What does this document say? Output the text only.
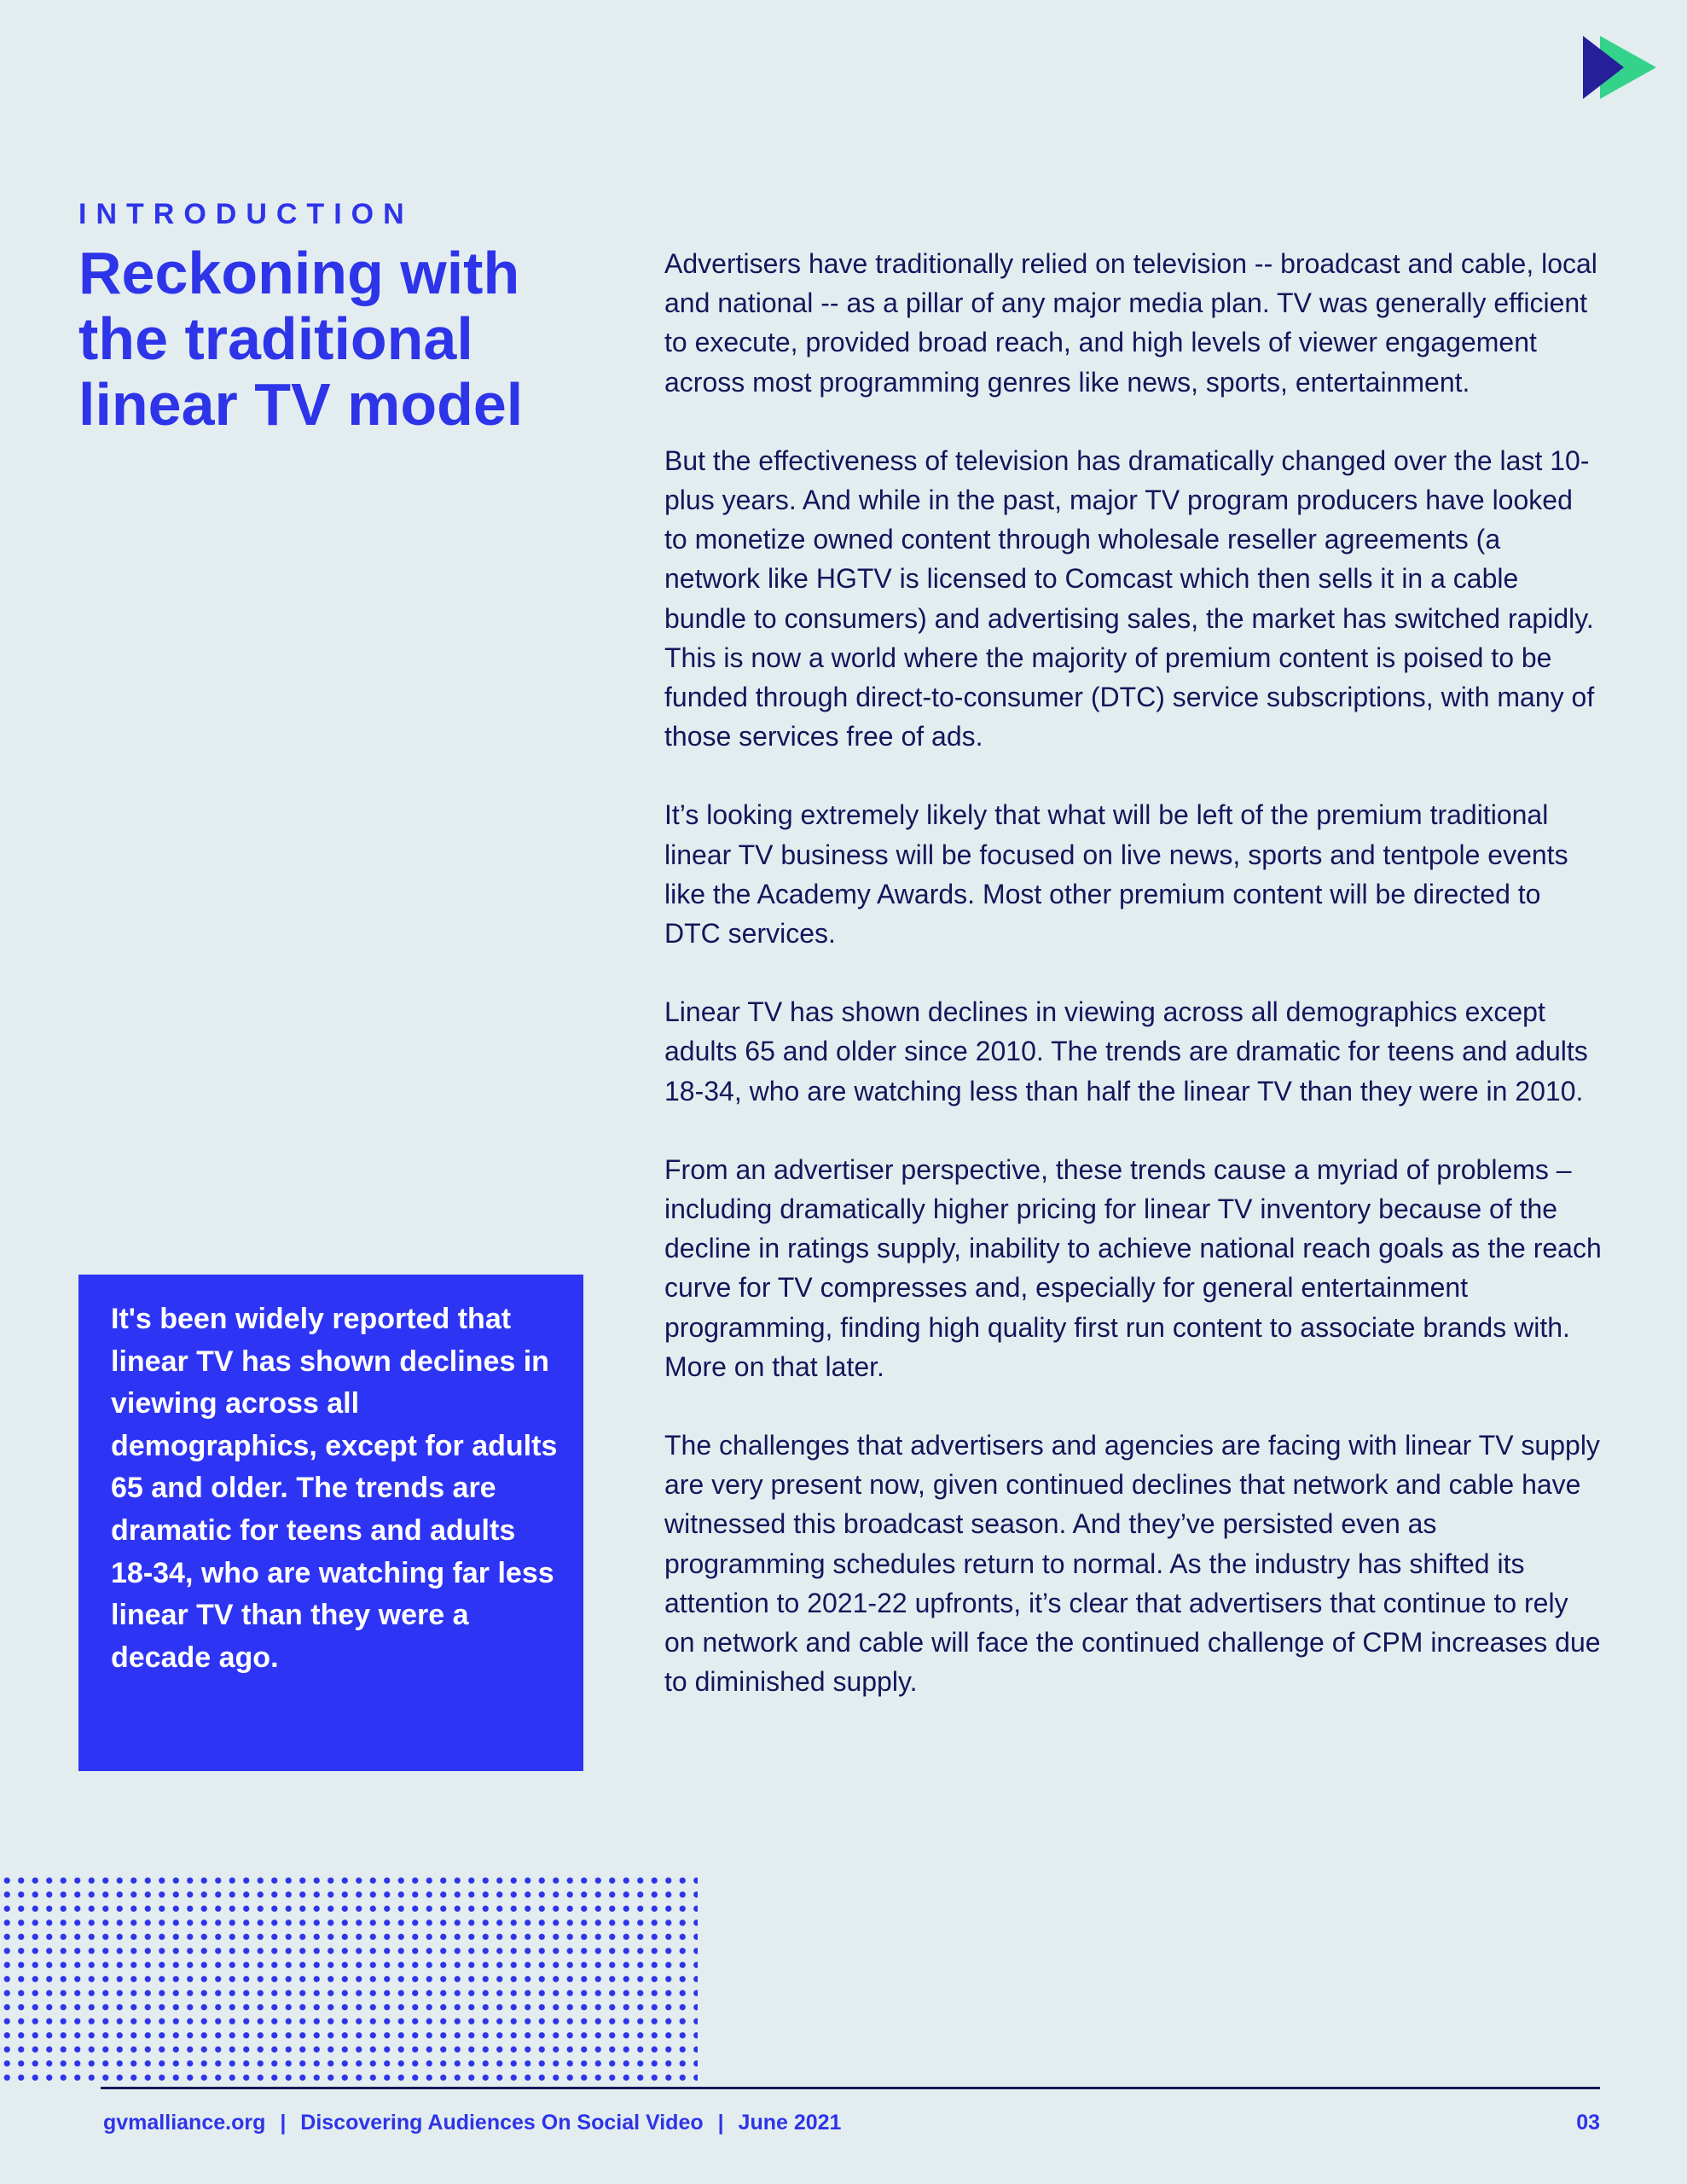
INTRODUCTION
Reckoning with the traditional linear TV model

Advertisers have traditionally relied on television -- broadcast and cable, local and national -- as a pillar of any major media plan. TV was generally efficient to execute, provided broad reach, and high levels of viewer engagement across most programming genres like news, sports, entertainment.

But the effectiveness of television has dramatically changed over the last 10-plus years. And while in the past, major TV program producers have looked to monetize owned content through wholesale reseller agreements (a network like HGTV is licensed to Comcast which then sells it in a cable bundle to consumers) and advertising sales, the market has switched rapidly. This is now a world where the majority of premium content is poised to be funded through direct-to-consumer (DTC) service subscriptions, with many of those services free of ads.

It’s looking extremely likely that what will be left of the premium traditional linear TV business will be focused on live news, sports and tentpole events like the Academy Awards. Most other premium content will be directed to DTC services.

Linear TV has shown declines in viewing across all demographics except adults 65 and older since 2010. The trends are dramatic for teens and adults 18-34, who are watching less than half the linear TV than they were in 2010.

From an advertiser perspective, these trends cause a myriad of problems – including dramatically higher pricing for linear TV inventory because of the decline in ratings supply, inability to achieve national reach goals as the reach curve for TV compresses and, especially for general entertainment programming, finding high quality first run content to associate brands with. More on that later.

The challenges that advertisers and agencies are facing with linear TV supply are very present now, given continued declines that network and cable have witnessed this broadcast season. And they’ve persisted even as programming schedules return to normal. As the industry has shifted its attention to 2021-22 upfronts, it’s clear that advertisers that continue to rely on network and cable will face the continued challenge of CPM increases due to diminished supply.

It's been widely reported that linear TV has shown declines in viewing across all demographics, except for adults 65 and older. The trends are dramatic for teens and adults 18-34, who are watching far less linear TV than they were a decade ago.

gvmalliance.org | Discovering Audiences On Social Video | June 2021	03
